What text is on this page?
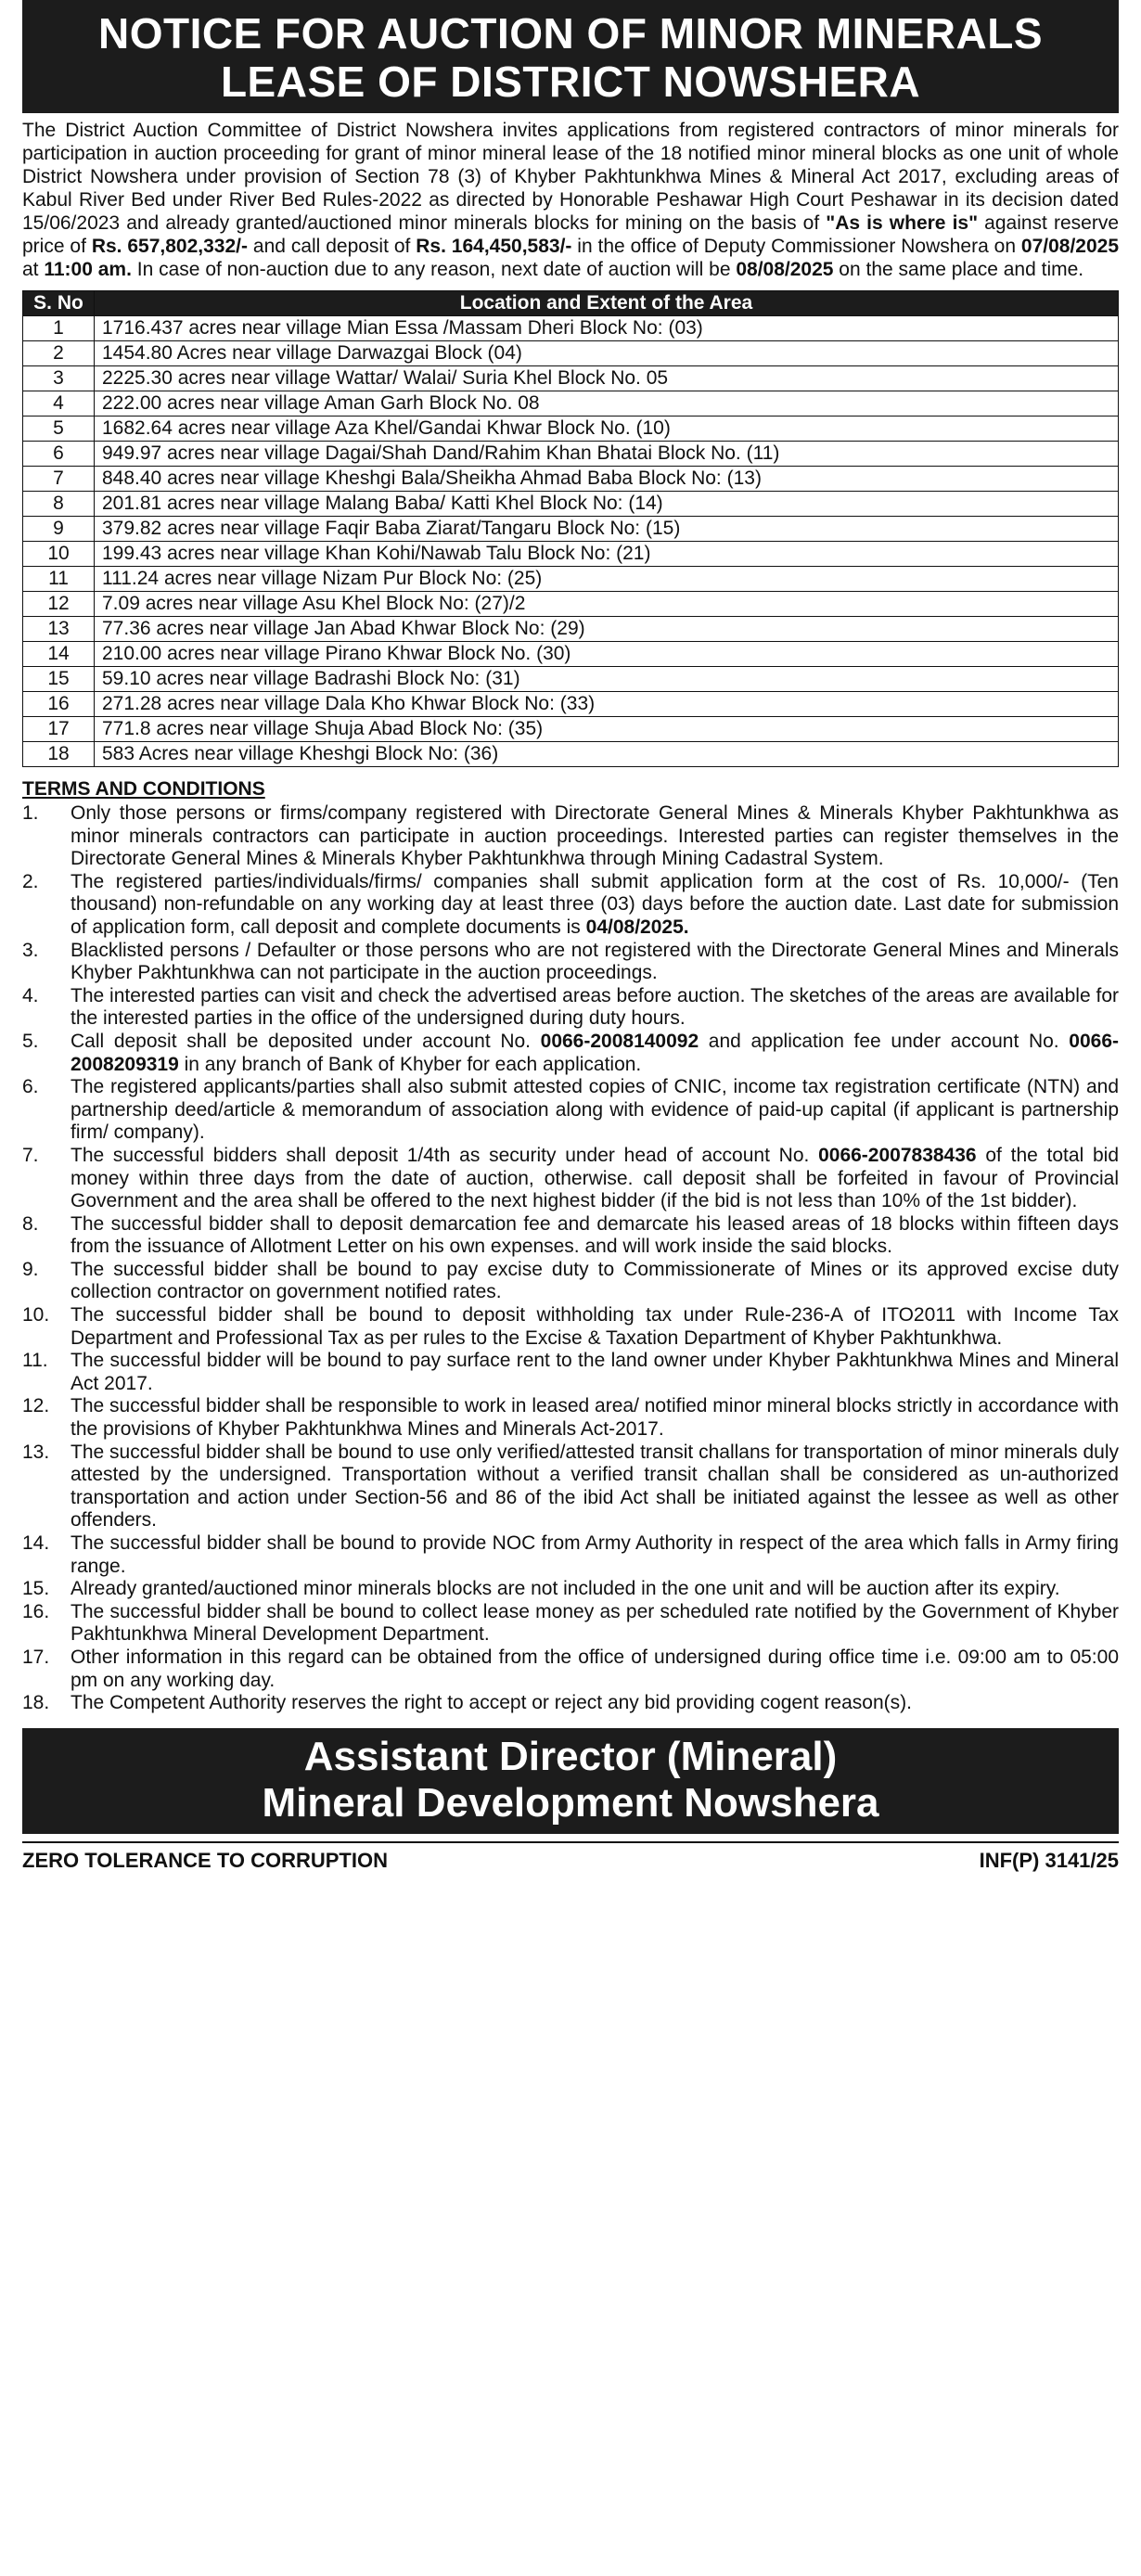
NOTICE FOR AUCTION OF MINOR MINERALS
LEASE OF DISTRICT NOWSHERA
The District Auction Committee of District Nowshera invites applications from registered contractors of minor minerals for participation in auction proceeding for grant of minor mineral lease of the 18 notified minor mineral blocks as one unit of whole District Nowshera under provision of Section 78 (3) of Khyber Pakhtunkhwa Mines & Mineral Act 2017, excluding areas of Kabul River Bed under River Bed Rules-2022 as directed by Honorable Peshawar High Court Peshawar in its decision dated 15/06/2023 and already granted/auctioned minor minerals blocks for mining on the basis of "As is where is" against reserve price of Rs. 657,802,332/- and call deposit of Rs. 164,450,583/- in the office of Deputy Commissioner Nowshera on 07/08/2025 at 11:00 am. In case of non-auction due to any reason, next date of auction will be 08/08/2025 on the same place and time.
S. No	Location and Extent of the Area
1	1716.437 acres near village Mian Essa /Massam Dheri Block No: (03)
2	1454.80 Acres near village Darwazgai Block (04)
3	2225.30 acres near village Wattar/ Walai/ Suria Khel Block No. 05
4	222.00 acres near village Aman Garh Block No. 08
5	1682.64 acres near village Aza Khel/Gandai Khwar Block No. (10)
6	949.97 acres near village Dagai/Shah Dand/Rahim Khan Bhatai Block No. (11)
7	848.40 acres near village Kheshgi Bala/Sheikha Ahmad Baba Block No: (13)
8	201.81 acres near village Malang Baba/ Katti Khel Block No: (14)
9	379.82 acres near village Faqir Baba Ziarat/Tangaru Block No: (15)
10	199.43 acres near village Khan Kohi/Nawab Talu Block No: (21)
11	111.24 acres near village Nizam Pur Block No: (25)
12	7.09 acres near village Asu Khel Block No: (27)/2
13	77.36 acres near village Jan Abad Khwar Block No: (29)
14	210.00 acres near village Pirano Khwar Block No. (30)
15	59.10 acres near village Badrashi Block No: (31)
16	271.28 acres near village Dala Kho Khwar Block No: (33)
17	771.8 acres near village Shuja Abad Block No: (35)
18	583 Acres near village Kheshgi Block No: (36)
TERMS AND CONDITIONS
1. Only those persons or firms/company registered with Directorate General Mines & Minerals Khyber Pakhtunkhwa as minor minerals contractors can participate in auction proceedings. Interested parties can register themselves in the Directorate General Mines & Minerals Khyber Pakhtunkhwa through Mining Cadastral System.
2. The registered parties/individuals/firms/ companies shall submit application form at the cost of Rs. 10,000/- (Ten thousand) non-refundable on any working day at least three (03) days before the auction date. Last date for submission of application form, call deposit and complete documents is 04/08/2025.
3. Blacklisted persons / Defaulter or those persons who are not registered with the Directorate General Mines and Minerals Khyber Pakhtunkhwa can not participate in the auction proceedings.
4. The interested parties can visit and check the advertised areas before auction. The sketches of the areas are available for the interested parties in the office of the undersigned during duty hours.
5. Call deposit shall be deposited under account No. 0066-2008140092 and application fee under account No. 0066-2008209319 in any branch of Bank of Khyber for each application.
6. The registered applicants/parties shall also submit attested copies of CNIC, income tax registration certificate (NTN) and partnership deed/article & memorandum of association along with evidence of paid-up capital (if applicant is partnership firm/ company).
7. The successful bidders shall deposit 1/4th as security under head of account No. 0066-2007838436 of the total bid money within three days from the date of auction, otherwise. call deposit shall be forfeited in favour of Provincial Government and the area shall be offered to the next highest bidder (if the bid is not less than 10% of the 1st bidder).
8. The successful bidder shall to deposit demarcation fee and demarcate his leased areas of 18 blocks within fifteen days from the issuance of Allotment Letter on his own expenses. and will work inside the said blocks.
9. The successful bidder shall be bound to pay excise duty to Commissionerate of Mines or its approved excise duty collection contractor on government notified rates.
10. The successful bidder shall be bound to deposit withholding tax under Rule-236-A of ITO2011 with Income Tax Department and Professional Tax as per rules to the Excise & Taxation Department of Khyber Pakhtunkhwa.
11. The successful bidder will be bound to pay surface rent to the land owner under Khyber Pakhtunkhwa Mines and Mineral Act 2017.
12. The successful bidder shall be responsible to work in leased area/ notified minor mineral blocks strictly in accordance with the provisions of Khyber Pakhtunkhwa Mines and Minerals Act-2017.
13. The successful bidder shall be bound to use only verified/attested transit challans for transportation of minor minerals duly attested by the undersigned. Transportation without a verified transit challan shall be considered as un-authorized transportation and action under Section-56 and 86 of the ibid Act shall be initiated against the lessee as well as other offenders.
14. The successful bidder shall be bound to provide NOC from Army Authority in respect of the area which falls in Army firing range.
15. Already granted/auctioned minor minerals blocks are not included in the one unit and will be auction after its expiry.
16. The successful bidder shall be bound to collect lease money as per scheduled rate notified by the Government of Khyber Pakhtunkhwa Mineral Development Department.
17. Other information in this regard can be obtained from the office of undersigned during office time i.e. 09:00 am to 05:00 pm on any working day.
18. The Competent Authority reserves the right to accept or reject any bid providing cogent reason(s).
Assistant Director (Mineral)
Mineral Development Nowshera
ZERO TOLERANCE TO CORRUPTION	INF(P) 3141/25
